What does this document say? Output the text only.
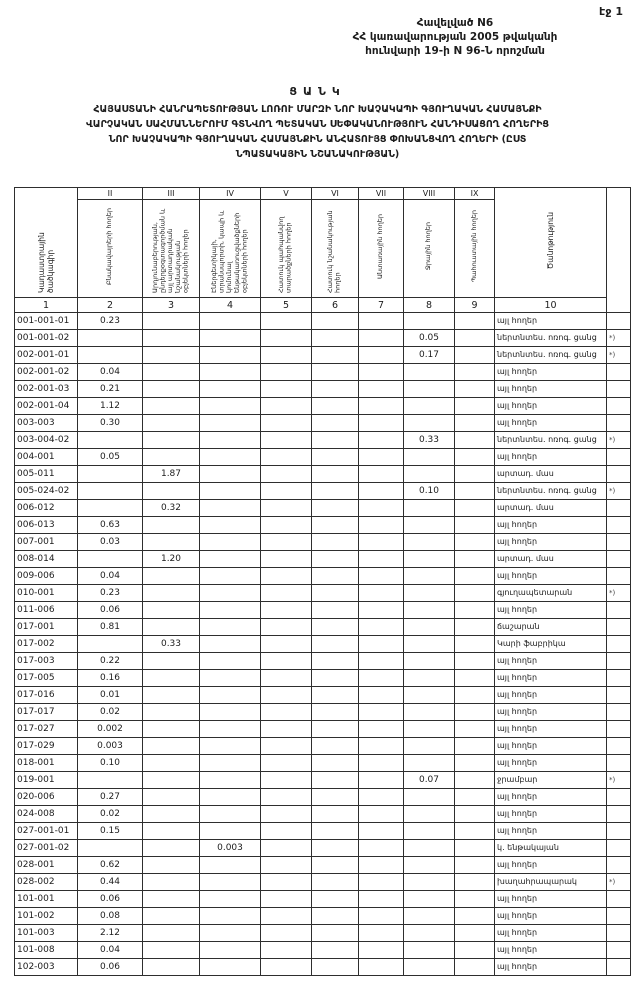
էջ 1
Հավելված N6
ՀՀ կառավարության 2005 թվականի
հունվարի 19-ի N 96-Ն որոշման
ՑԱՆԿ
ՀԱՅԱՍՏԱՆԻ ՀԱՆՐԱՊԵՏՈՒԹՅԱՆ ԼՈՌՈՒ ՄԱՐԶԻ ՆՈՐ ԽԱՉԱԿԱՊԻ ԳՅՈՒՂԱԿԱՆ ՀԱՄԱՅՆՔԻ
ՎԱՐՉԱԿԱՆ ՍԱՀՄԱՆՆԵՐՈՒՄ ԳՏՆՎՈՂ ՊԵՏԱԿԱՆ ՍԵՓԱԿԱՆՈՒԹՅՈՒՆ ՀԱՆԴԻՍԱՑՈՂ ՀՈՂԵՐԻՑ
ՆՈՐ ԽԱՉԱԿԱՊԻ ԳՅՈՒՂԱԿԱՆ ՀԱՄԱՅՆՔԻՆ ԱՆՀԱՏՈՒՅՑ ՓՈԽԱՆՑՎՈՂ ՀՈՂԵՐԻ (ԸՍՏ
ՆՊԱՏԱԿԱՅԻՆ ՆՇԱՆԱԿՈՒԹՅԱՆ)
Կադաստրային ծածկագիր	II	III	IV	V	VI	VII	VIII	IX	Ծանոթություն	
	Բնակավայրերի հողեր	Արդյունաբերության, ընդերքօգտագործման և այլ արտադրական նշանակության օբյեկտների հողեր	Էներգետիկայի, տրանսպորտի, կապի և կոմունալ ենթակառուցվածքների օբյեկտների հողեր	Հատուկ պահպանվող տարածքների հողեր	Հատուկ նշանակության հողեր	Անտառային հողեր	Ջրային հողեր	Պահուստային հողեր		
1	2	3	4	5	6	7	8	9	10	
001-001-01	0.23								այլ հողեր	
001-001-02							0.05		ներտնտես. ոռոգ. ցանց	*)
002-001-01							0.17		ներտնտես. ոռոգ. ցանց	*)
002-001-02	0.04								այլ հողեր	
002-001-03	0.21								այլ հողեր	
002-001-04	1.12								այլ հողեր	
003-003	0.30								այլ հողեր	
003-004-02							0.33		ներտնտես. ոռոգ. ցանց	*)
004-001	0.05								այլ հողեր	
005-011		1.87							արտադ. մաս	
005-024-02							0.10		ներտնտես. ոռոգ. ցանց	*)
006-012		0.32							արտադ. մաս	
006-013	0.63								այլ հողեր	
007-001	0.03								այլ հողեր	
008-014		1.20							արտադ. մաս	
009-006	0.04								այլ հողեր	
010-001	0.23								գյուղապետարան	*)
011-006	0.06								այլ հողեր	
017-001	0.81								ճաշարան	
017-002		0.33							Կարի ֆաբրիկա	
017-003	0.22								այլ հողեր	
017-005	0.16								այլ հողեր	
017-016	0.01								այլ հողեր	
017-017	0.02								այլ հողեր	
017-027	0.002								այլ հողեր	
017-029	0.003								այլ հողեր	
018-001	0.10								այլ հողեր	
019-001							0.07		ջրամբար	*)
020-006	0.27								այլ հողեր	
024-008	0.02								այլ հողեր	
027-001-01	0.15								այլ հողեր	
027-001-02			0.003						կ. ենթակայան	
028-001	0.62								այլ հողեր	
028-002	0.44								խաղահրապարակ	*)
101-001	0.06								այլ հողեր	
101-002	0.08								այլ հողեր	
101-003	2.12								այլ հողեր	
101-008	0.04								այլ հողեր	
102-003	0.06								այլ հողեր	
